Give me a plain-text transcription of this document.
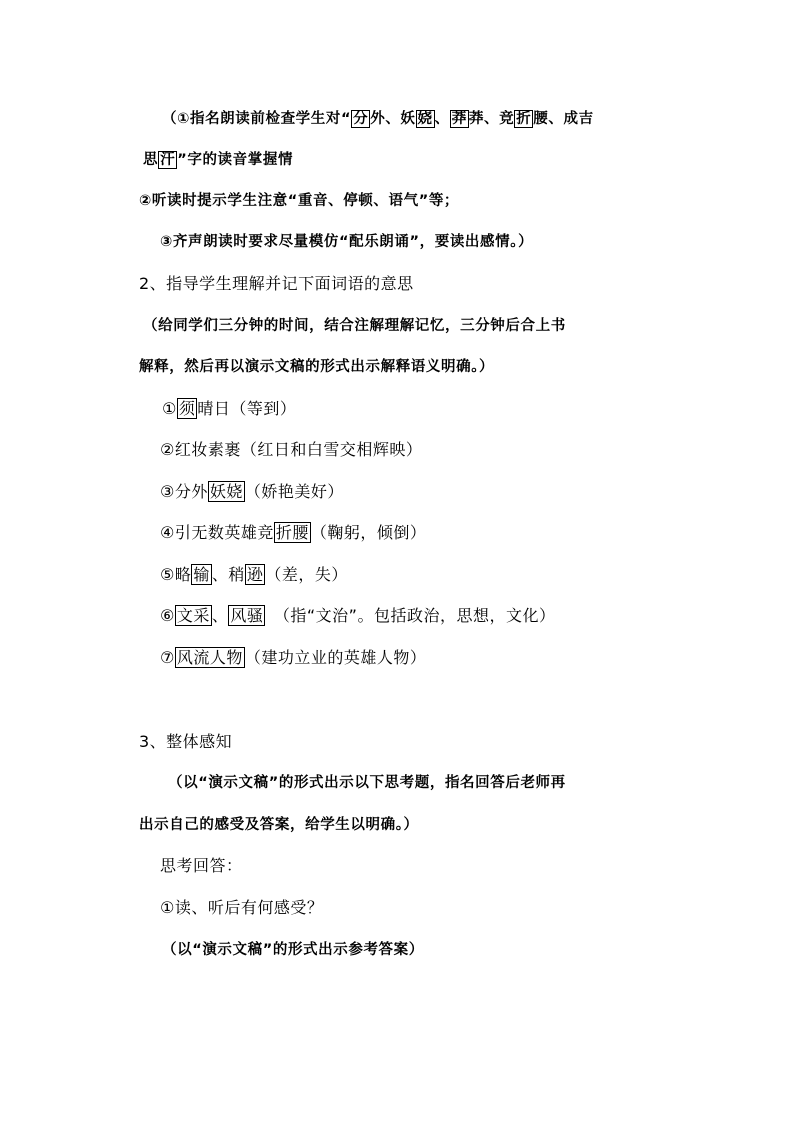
（①指名朗读前检查学生对“ 分 外、妖 娆 、 莽 莽、竞 折 腰、成吉
思 汗 ”字的读音掌握情
②听读时提示学生注意“重音、停顿、语气”等；
③齐声朗读时要求尽量模仿“配乐朗诵”，要读出感情。）
2、指导学生理解并记下面词语的意思
（给同学们三分钟的时间，结合注解理解记忆，三分钟后合上书
解释，然后再以演示文稿的形式出示解释语义明确。）
① 须 晴日（等到）
②红妆素裹（红日和白雪交相辉映）
③分外 妖娆 （娇艳美好）
④引无数英雄竞 折腰 （鞠躬，倾倒）
⑤略 输 、稍 逊 （差，失）
⑥ 文采 、 风骚　（指“文治”。包括政治，思想，文化）
⑦ 风流人物 （建功立业的英雄人物）
3、整体感知
（以“演示文稿”的形式出示以下思考题，指名回答后老师再
出示自己的感受及答案，给学生以明确。）
思考回答：
①读、听后有何感受？
（以“演示文稿”的形式出示参考答案）
